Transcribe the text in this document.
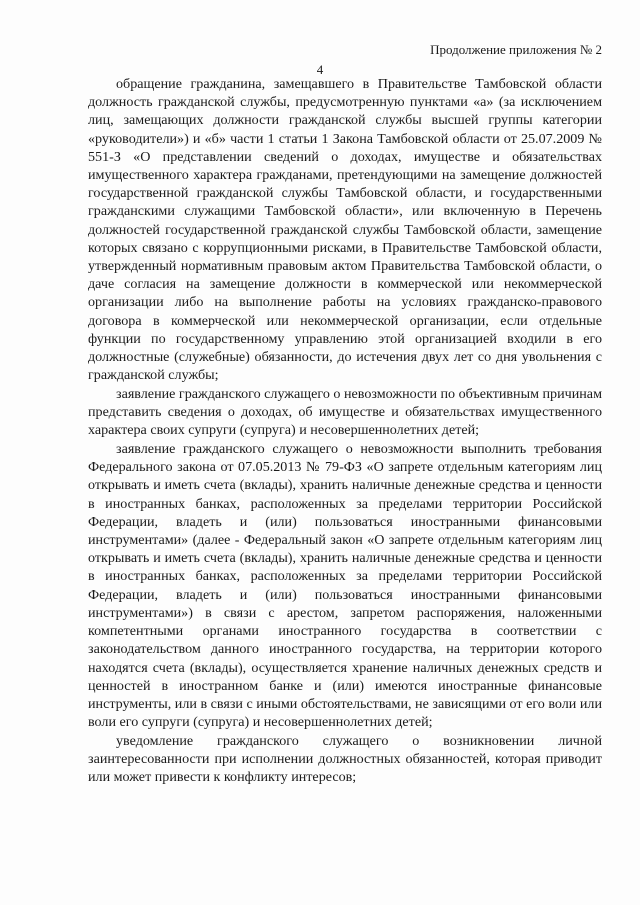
Продолжение приложения № 2
4

обращение гражданина, замещавшего в Правительстве Тамбовской области должность гражданской службы, предусмотренную пунктами «а» (за исключением лиц, замещающих должности гражданской службы высшей группы категории «руководители») и «б» части 1 статьи 1 Закона Тамбовской области от 25.07.2009 № 551-З «О представлении сведений о доходах, имуществе и обязательствах имущественного характера гражданами, претендующими на замещение должностей государственной гражданской службы Тамбовской области, и государственными гражданскими служащими Тамбовской области», или включенную в Перечень должностей государственной гражданской службы Тамбовской области, замещение которых связано с коррупционными рисками, в Правительстве Тамбовской области, утвержденный нормативным правовым актом Правительства Тамбовской области, о даче согласия на замещение должности в коммерческой или некоммерческой организации либо на выполнение работы на условиях гражданско-правового договора в коммерческой или некоммерческой организации, если отдельные функции по государственному управлению этой организацией входили в его должностные (служебные) обязанности, до истечения двух лет со дня увольнения с гражданской службы;

заявление гражданского служащего о невозможности по объективным причинам представить сведения о доходах, об имуществе и обязательствах имущественного характера своих супруги (супруга) и несовершеннолетних детей;

заявление гражданского служащего о невозможности выполнить требования Федерального закона от 07.05.2013 № 79-ФЗ «О запрете отдельным категориям лиц открывать и иметь счета (вклады), хранить наличные денежные средства и ценности в иностранных банках, расположенных за пределами территории Российской Федерации, владеть и (или) пользоваться иностранными финансовыми инструментами» (далее - Федеральный закон «О запрете отдельным категориям лиц открывать и иметь счета (вклады), хранить наличные денежные средства и ценности в иностранных банках, расположенных за пределами территории Российской Федерации, владеть и (или) пользоваться иностранными финансовыми инструментами») в связи с арестом, запретом распоряжения, наложенными компетентными органами иностранного государства в соответствии с законодательством данного иностранного государства, на территории которого находятся счета (вклады), осуществляется хранение наличных денежных средств и ценностей в иностранном банке и (или) имеются иностранные финансовые инструменты, или в связи с иными обстоятельствами, не зависящими от его воли или воли его супруги (супруга) и несовершеннолетних детей;

уведомление гражданского служащего о возникновении личной заинтересованности при исполнении должностных обязанностей, которая приводит или может привести к конфликту интересов;
